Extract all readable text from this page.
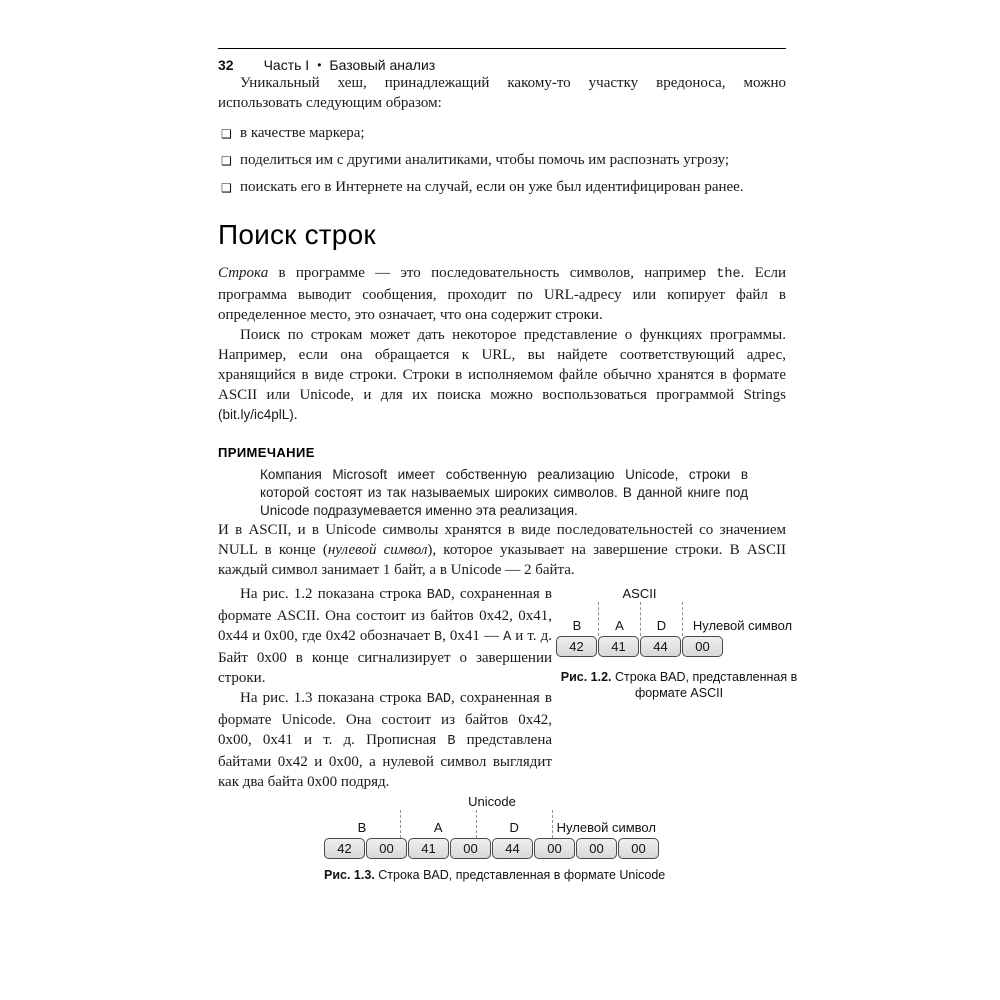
32 Часть I • Базовый анализ

Уникальный хеш, принадлежащий какому-то участку вредоноса, можно использовать следующим образом:

❑ в качестве маркера;
❑ поделиться им с другими аналитиками, чтобы помочь им распознать угрозу;
❑ поискать его в Интернете на случай, если он уже был идентифицирован ранее.
Поиск строк

Строка в программе — это последовательность символов, например the. Если программа выводит сообщения, проходит по URL-адресу или копирует файл в определенное место, это означает, что она содержит строки.

Поиск по строкам может дать некоторое представление о функциях программы. Например, если она обращается к URL, вы найдете соответствующий адрес, хранящийся в виде строки. Строки в исполняемом файле обычно хранятся в формате ASCII или Unicode, и для их поиска можно воспользоваться программой Strings (bit.ly/ic4plL).

ПРИМЕЧАНИЕ
Компания Microsoft имеет собственную реализацию Unicode, строки в которой состоят из так называемых широких символов. В данной книге под Unicode подразумевается именно эта реализация.

И в ASCII, и в Unicode символы хранятся в виде последовательностей со значением NULL в конце (нулевой символ), которое указывает на завершение строки. В ASCII каждый символ занимает 1 байт, а в Unicode — 2 байта.

На рис. 1.2 показана строка BAD, сохраненная в формате ASCII. Она состоит из байтов 0x42, 0x41, 0x44 и 0x00, где 0x42 обозначает B, 0x41 — A и т. д. Байт 0x00 в конце сигнализирует о завершении строки.

На рис. 1.3 показана строка BAD, сохраненная в формате Unicode. Она состоит из байтов 0x42, 0x00, 0x41 и т. д. Прописная B представлена байтами 0x42 и 0x00, а нулевой символ выглядит как два байта 0x00 подряд.

ASCII
B	A	D	Нулевой символ
42	41	44	00
Рис. 1.2. Строка BAD, представленная в формате ASCII
Unicode
B	A	D	Нулевой символ
42	00	41	00	44	00	00	00
Рис. 1.3. Строка BAD, представленная в формате Unicode
